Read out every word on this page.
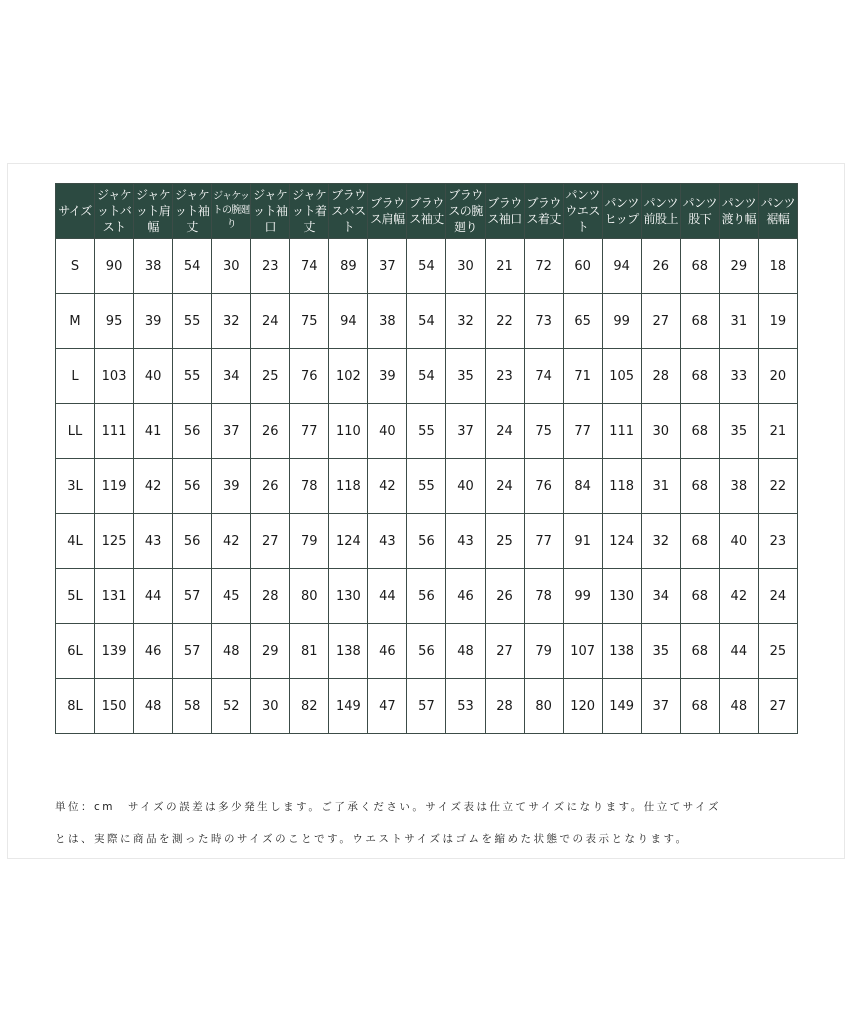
サイズ	ジャケットバスト	ジャケット肩幅	ジャケット袖丈	ジャケットの腕廻り	ジャケット袖口	ジャケット着丈	ブラウスバスト	ブラウス肩幅	ブラウス袖丈	ブラウスの腕廻り	ブラウス袖口	ブラウス着丈	パンツウエスト	パンツヒップ	パンツ前股上	パンツ股下	パンツ渡り幅	パンツ裾幅
S	90	38	54	30	23	74	89	37	54	30	21	72	60	94	26	68	29	18
M	95	39	55	32	24	75	94	38	54	32	22	73	65	99	27	68	31	19
L	103	40	55	34	25	76	102	39	54	35	23	74	71	105	28	68	33	20
LL	111	41	56	37	26	77	110	40	55	37	24	75	77	111	30	68	35	21
3L	119	42	56	39	26	78	118	42	55	40	24	76	84	118	31	68	38	22
4L	125	43	56	42	27	79	124	43	56	43	25	77	91	124	32	68	40	23
5L	131	44	57	45	28	80	130	44	56	46	26	78	99	130	34	68	42	24
6L	139	46	57	48	29	81	138	46	56	48	27	79	107	138	35	68	44	25
8L	150	48	58	52	30	82	149	47	57	53	28	80	120	149	37	68	48	27

単位：cm　サイズの誤差は多少発生します。ご了承ください。サイズ表は仕立てサイズになります。仕立てサイズ

とは、実際に商品を測った時のサイズのことです。ウエストサイズはゴムを縮めた状態での表示となります。
